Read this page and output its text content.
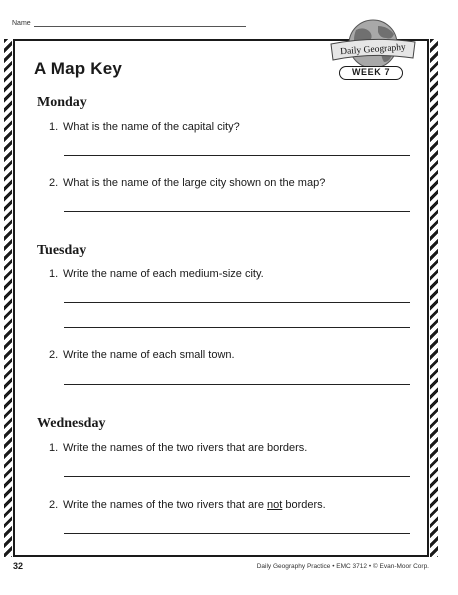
Name
A Map Key
Daily Geography
WEEK 7
Monday
1. What is the name of the capital city?
2. What is the name of the large city shown on the map?
Tuesday
1. Write the name of each medium-size city.
2. Write the name of each small town.
Wednesday
1. Write the names of the two rivers that are borders.
2. Write the names of the two rivers that are not borders.
32	Daily Geography Practice • EMC 3712 • © Evan-Moor Corp.
